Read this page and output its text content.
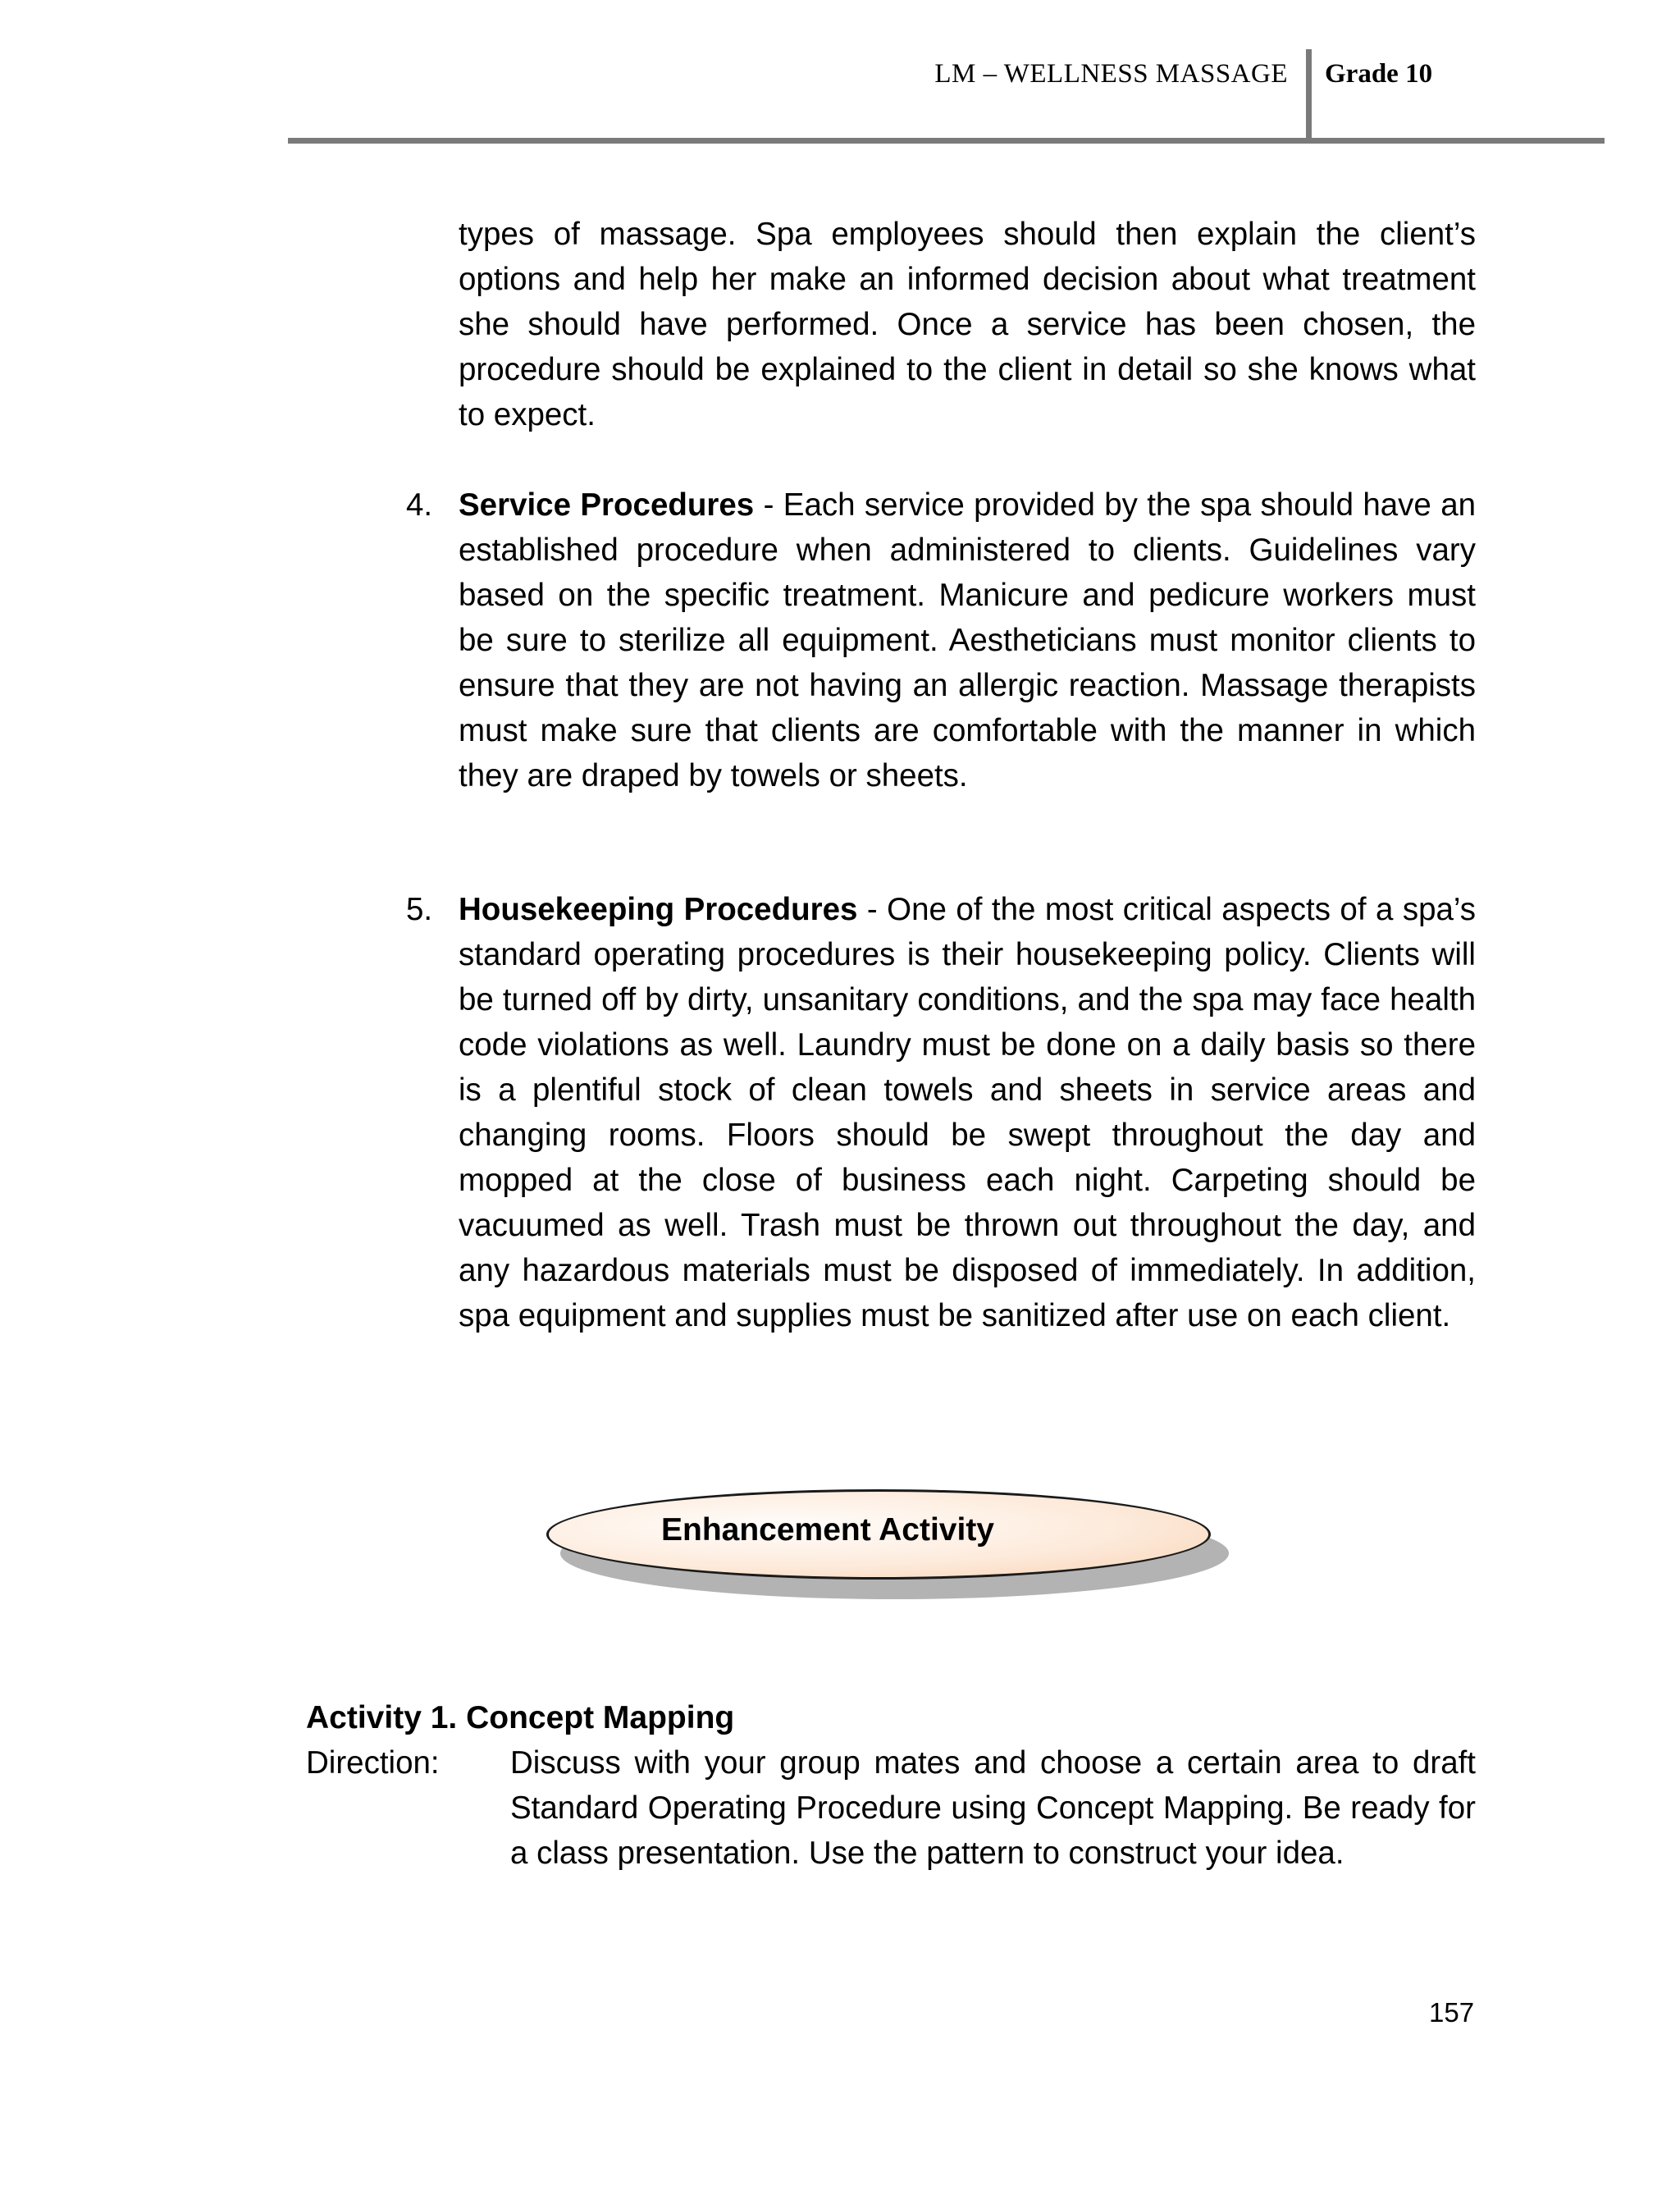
LM – WELLNESS MASSAGE Grade 10

types of massage. Spa employees should then explain the client’s options and help her make an informed decision about what treatment she should have performed. Once a service has been chosen, the procedure should be explained to the client in detail so she knows what to expect.

4. Service Procedures - Each service provided by the spa should have an established procedure when administered to clients. Guidelines vary based on the specific treatment. Manicure and pedicure workers must be sure to sterilize all equipment. Aestheticians must monitor clients to ensure that they are not having an allergic reaction. Massage therapists must make sure that clients are comfortable with the manner in which they are draped by towels or sheets.

5. Housekeeping Procedures - One of the most critical aspects of a spa’s standard operating procedures is their housekeeping policy. Clients will be turned off by dirty, unsanitary conditions, and the spa may face health code violations as well. Laundry must be done on a daily basis so there is a plentiful stock of clean towels and sheets in service areas and changing rooms. Floors should be swept throughout the day and mopped at the close of business each night. Carpeting should be vacuumed as well. Trash must be thrown out throughout the day, and any hazardous materials must be disposed of immediately. In addition, spa equipment and supplies must be sanitized after use on each client.

Enhancement Activity
Activity 1. Concept Mapping
Direction: Discuss with your group mates and choose a certain area to draft Standard Operating Procedure using Concept Mapping. Be ready for a class presentation. Use the pattern to construct your idea.

157
